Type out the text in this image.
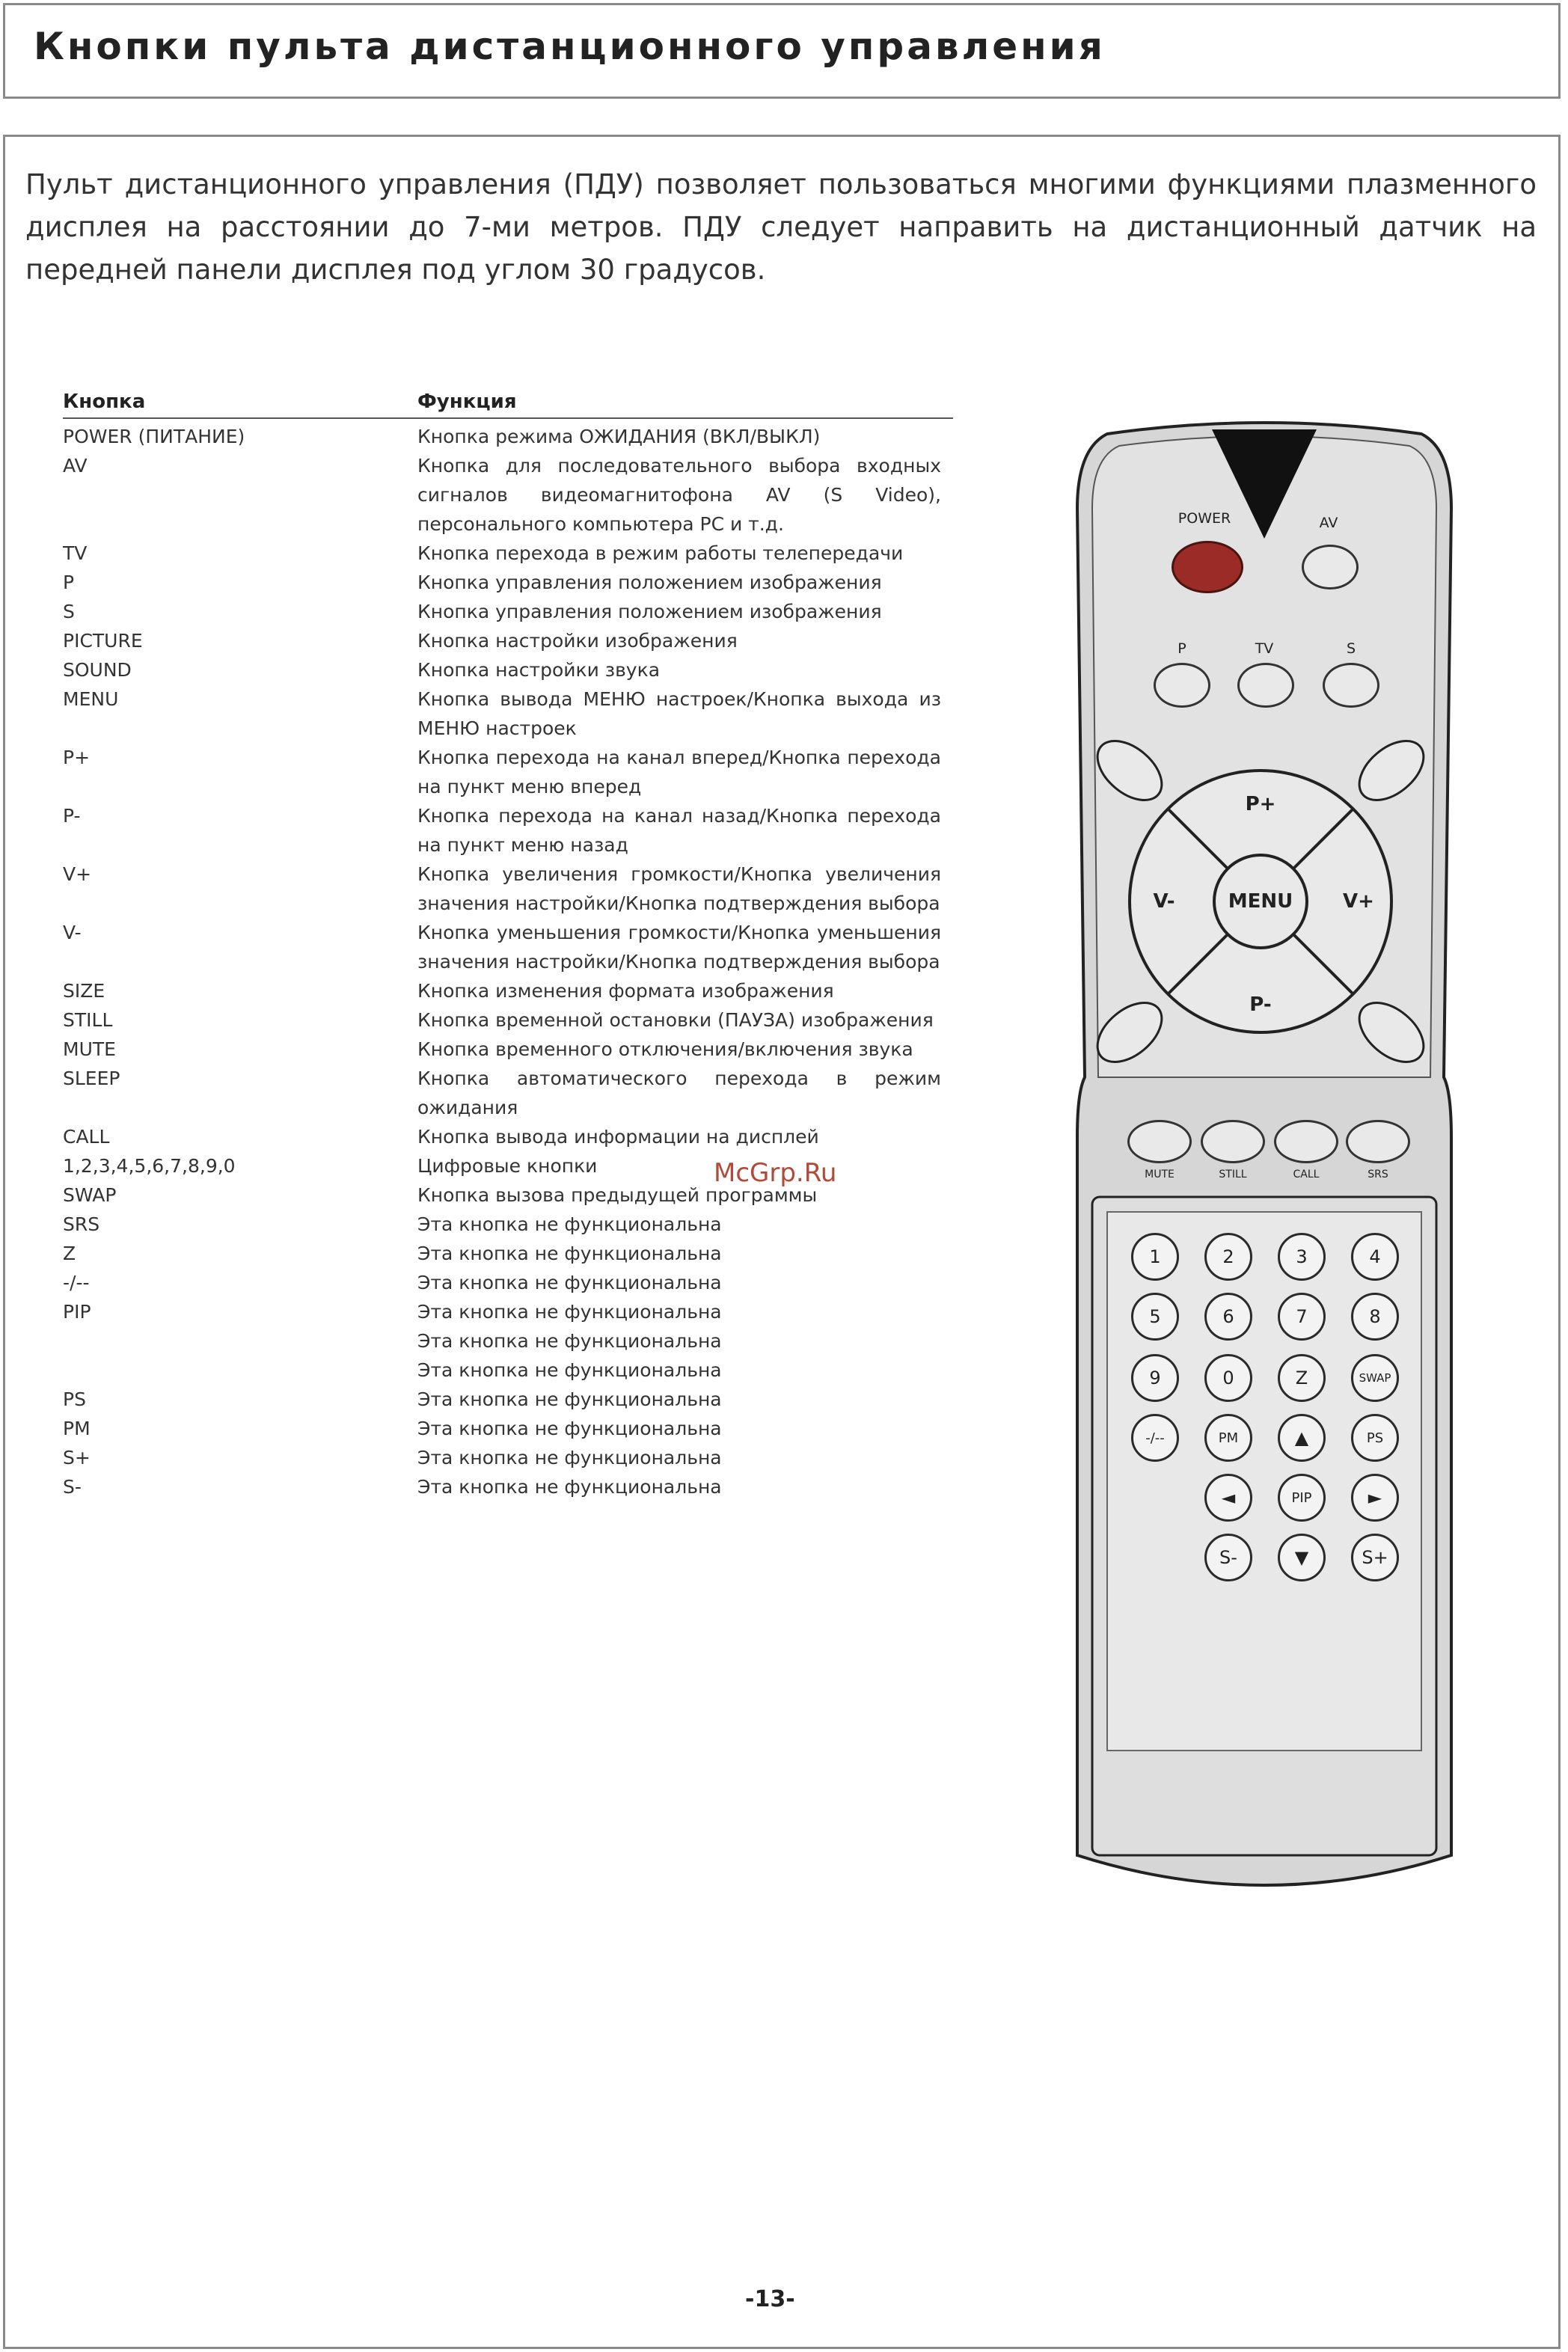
Кнопки пульта дистанционного управления
Пульт дистанционного управления (ПДУ) позволяет пользоваться многими функциями плазменного дисплея на расстоянии до 7-ми метров. ПДУ следует направить на дистанционный датчик на передней панели дисплея под углом 30 градусов.
Кнопка	Функция
POWER (ПИТАНИЕ)	Кнопка режима ОЖИДАНИЯ (ВКЛ/ВЫКЛ)
AV	Кнопка для последовательного выбора входных сигналов видеомагнитофона AV (S Video), персонального компьютера PC и т.д.
TV	Кнопка перехода в режим работы телепередачи
P	Кнопка управления положением изображения
S	Кнопка управления положением изображения
PICTURE	Кнопка настройки изображения
SOUND	Кнопка настройки звука
MENU	Кнопка вывода МЕНЮ настроек/Кнопка выхода из МЕНЮ настроек
P+	Кнопка перехода на канал вперед/Кнопка перехода на пункт меню вперед
P-	Кнопка перехода на канал назад/Кнопка перехода на пункт меню назад
V+	Кнопка увеличения громкости/Кнопка увеличения значения настройки/Кнопка подтверждения выбора
V-	Кнопка уменьшения громкости/Кнопка уменьшения значения настройки/Кнопка подтверждения выбора
SIZE	Кнопка изменения формата изображения
STILL	Кнопка временной остановки (ПАУЗА) изображения
MUTE	Кнопка временного отключения/включения звука
SLEEP	Кнопка автоматического перехода в режим ожидания
CALL	Кнопка вывода информации на дисплей
1,2,3,4,5,6,7,8,9,0	Цифровые кнопки
SWAP	Кнопка вызова предыдущей программы
SRS	Эта кнопка не функциональна
Z	Эта кнопка не функциональна
-/--	Эта кнопка не функциональна
PIP	Эта кнопка не функциональна
Эта кнопка не функциональна
Эта кнопка не функциональна
PS	Эта кнопка не функциональна
PM	Эта кнопка не функциональна
S+	Эта кнопка не функциональна
S-	Эта кнопка не функциональна
POWER	AV
P	TV	S
P+
P-
V-	V+
MENU
MUTE	STILL	CALL	SRS
1	2	3	4
5	6	7	8
9	0	Z	SWAP
-/--	PM	▲	PS
◄	PIP	►
S-	▼	S+
McGrp.Ru
-13-
